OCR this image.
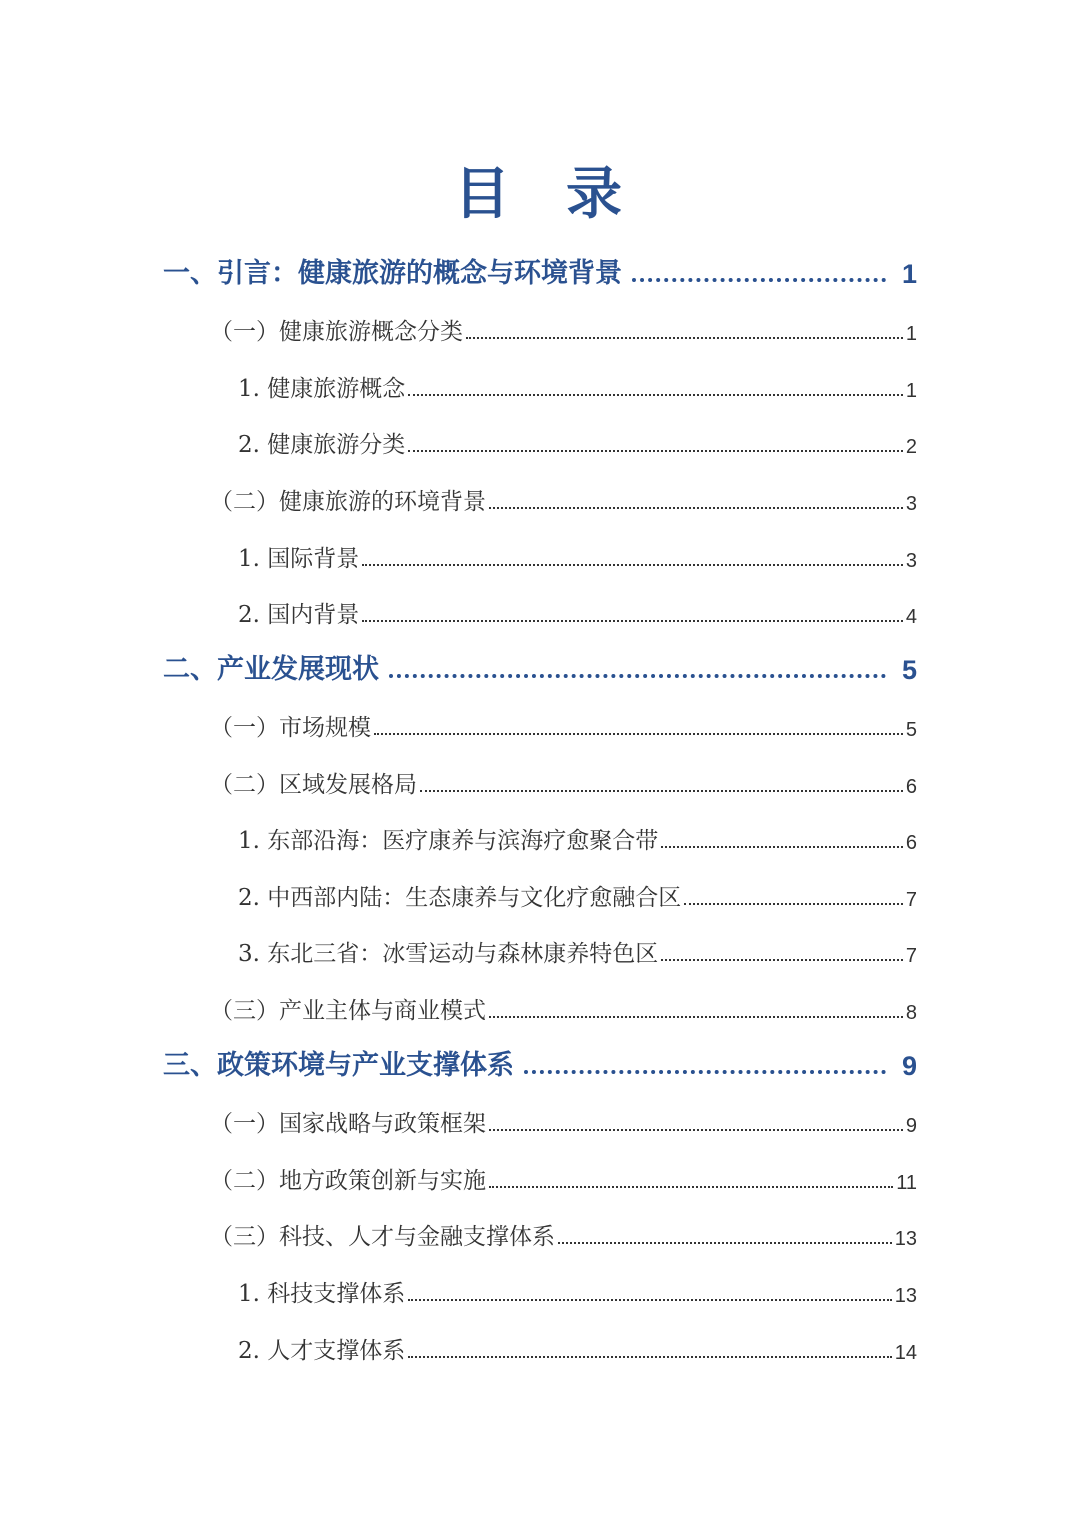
目 录
一、引言：健康旅游的概念与环境背景	1
（一）健康旅游概念分类	1
1. 健康旅游概念	1
2. 健康旅游分类	2
（二）健康旅游的环境背景	3
1. 国际背景	3
2. 国内背景	4
二、产业发展现状	5
（一）市场规模	5
（二）区域发展格局	6
1. 东部沿海：医疗康养与滨海疗愈聚合带	6
2. 中西部内陆：生态康养与文化疗愈融合区	7
3. 东北三省：冰雪运动与森林康养特色区	7
（三）产业主体与商业模式	8
三、政策环境与产业支撑体系	9
（一）国家战略与政策框架	9
（二）地方政策创新与实施	11
（三）科技、人才与金融支撑体系	13
1. 科技支撑体系	13
2. 人才支撑体系	14
